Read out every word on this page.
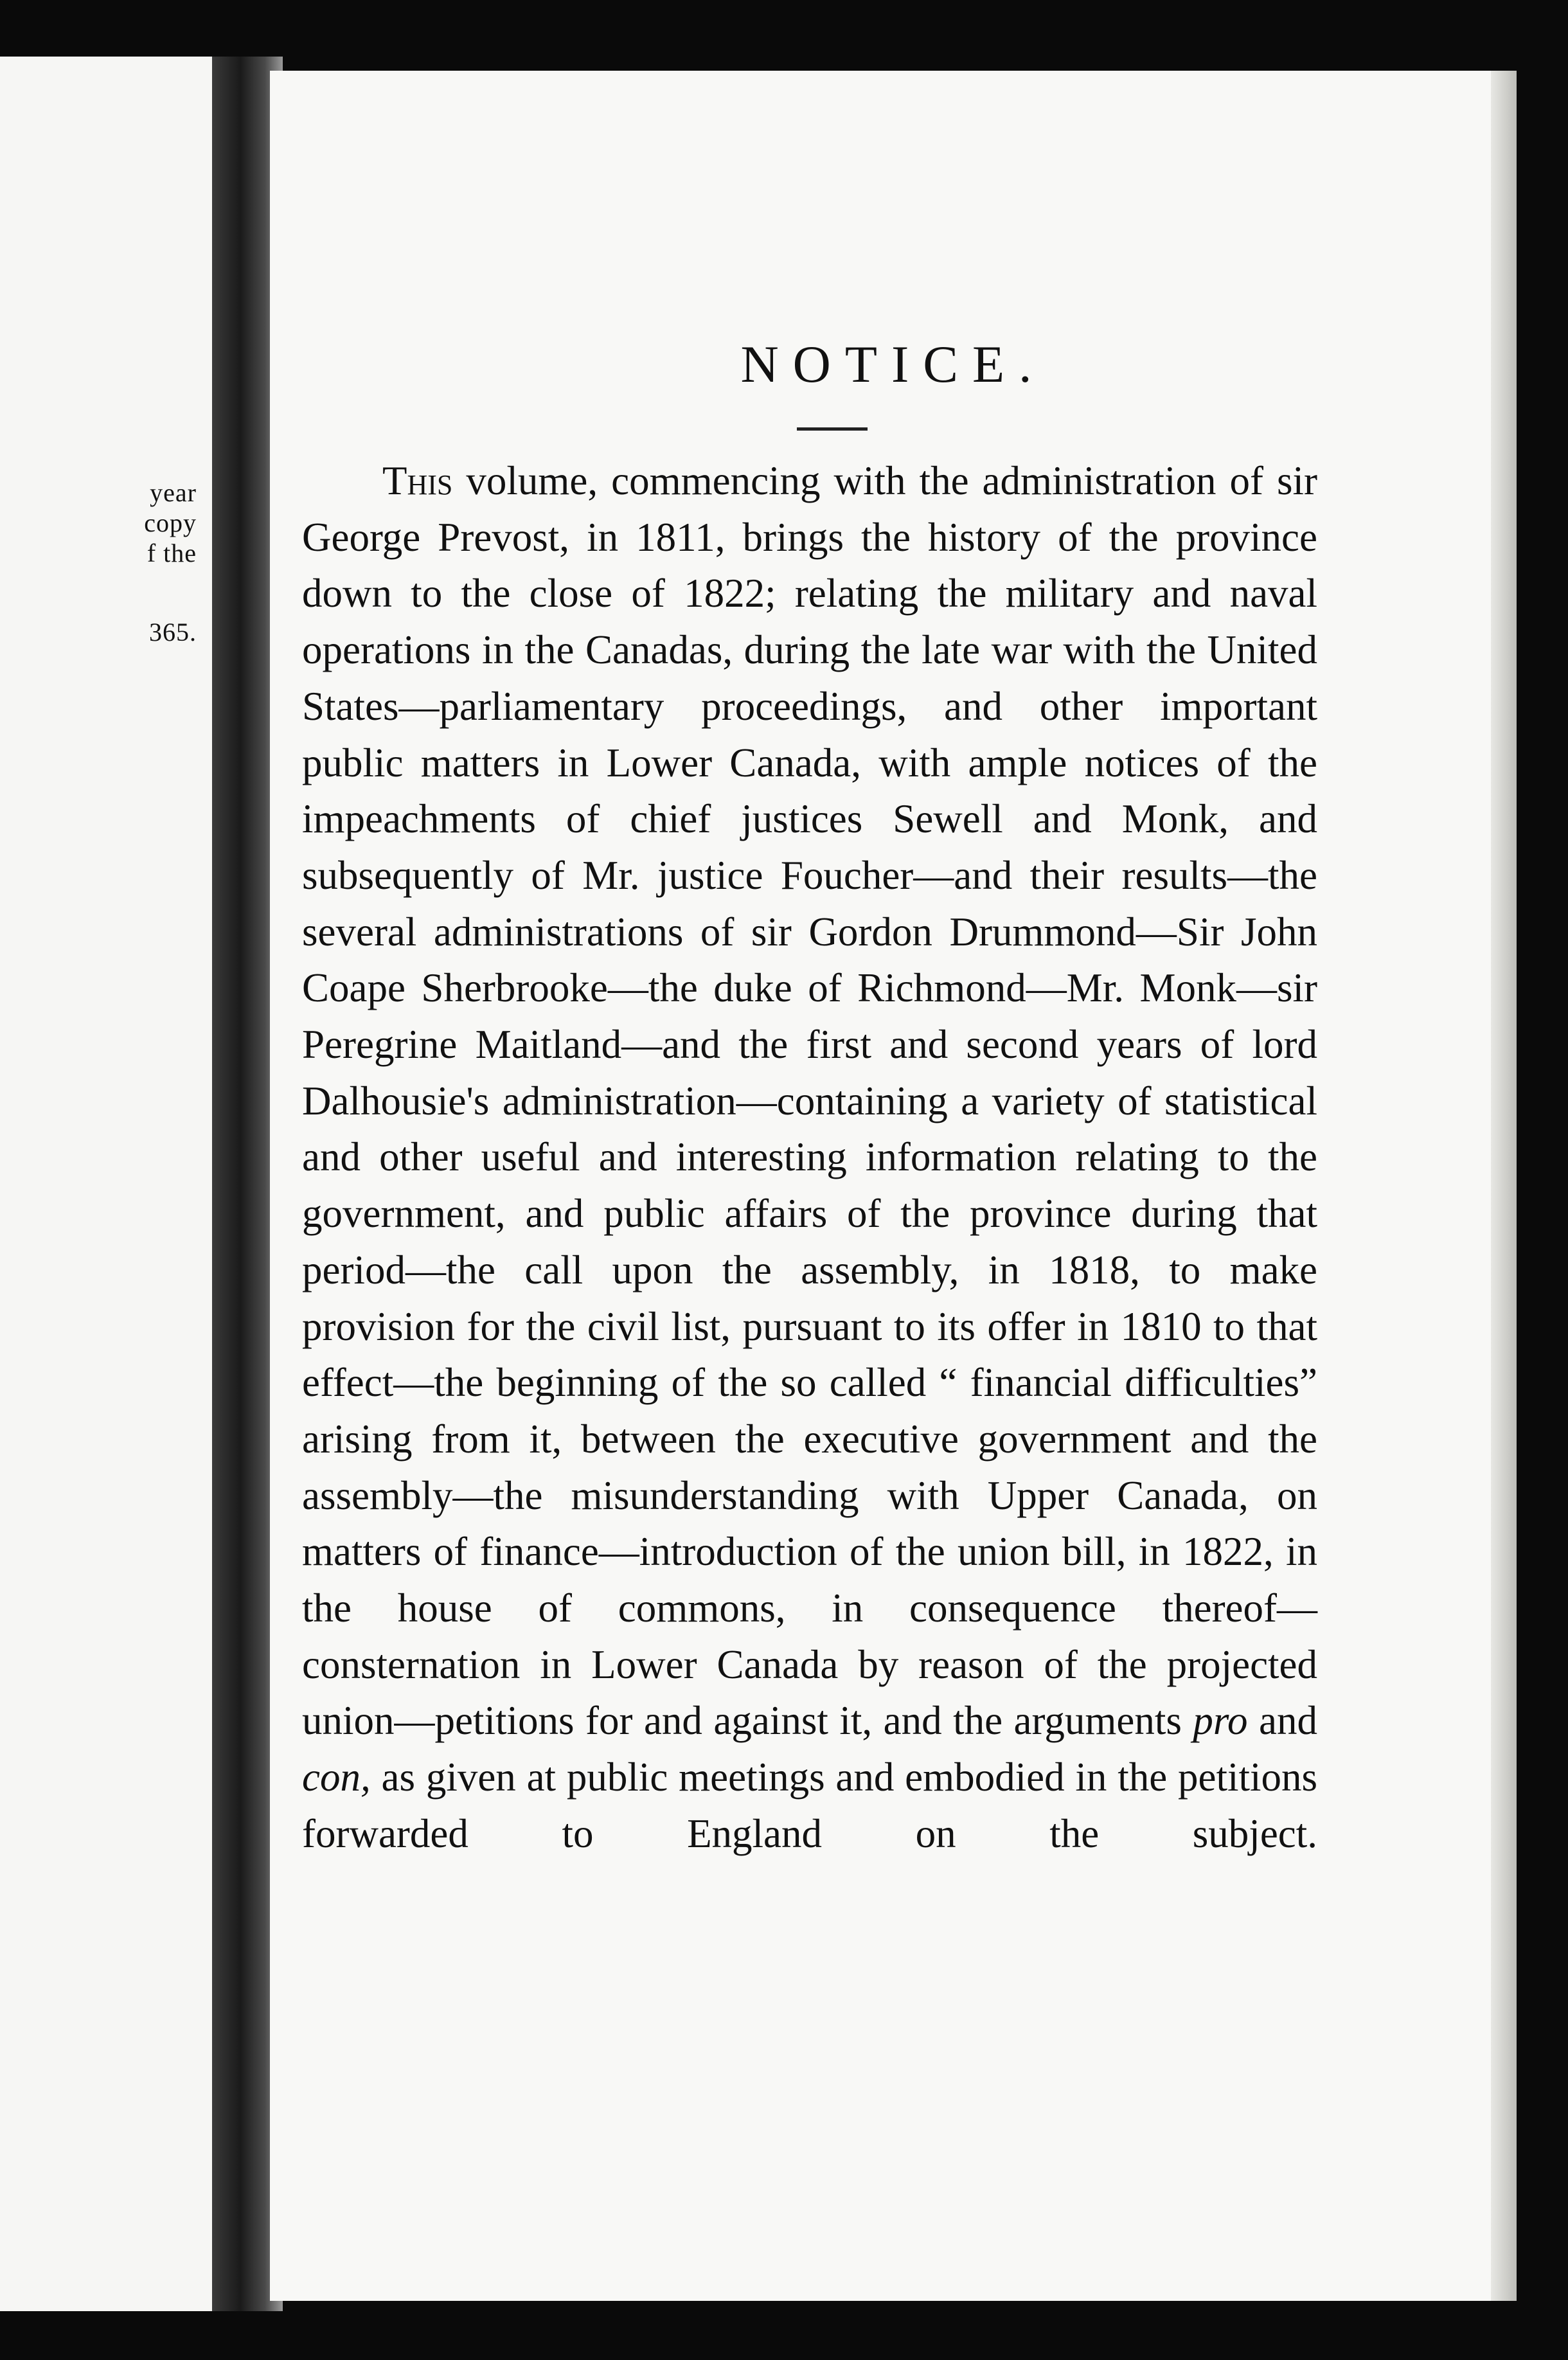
year
copy
f the
365.
NOTICE.

This volume, commencing with the administration of sir George Prevost, in 1811, brings the history of the province down to the close of 1822; relating the military and naval operations in the Canadas, during the late war with the United States—parliamentary proceedings, and other important public matters in Lower Canada, with ample notices of the impeachments of chief justices Sewell and Monk, and subsequently of Mr. justice Foucher—and their results—the several administrations of sir Gordon Drummond—Sir John Coape Sherbrooke—the duke of Richmond—Mr. Monk—sir Peregrine Maitland—and the first and second years of lord Dalhousie's administration—containing a variety of statistical and other useful and interesting information relating to the government, and public affairs of the province during that period—the call upon the assembly, in 1818, to make provision for the civil list, pursuant to its offer in 1810 to that effect—the beginning of the so called “ financial difficulties” arising from it, between the executive government and the assembly—the misunderstanding with Upper Canada, on matters of finance—introduction of the union bill, in 1822, in the house of commons, in consequence thereof—consternation in Lower Canada by reason of the projected union—petitions for and against it, and the arguments pro and con, as given at public meetings and embodied in the petitions forwarded to England on the subject.
